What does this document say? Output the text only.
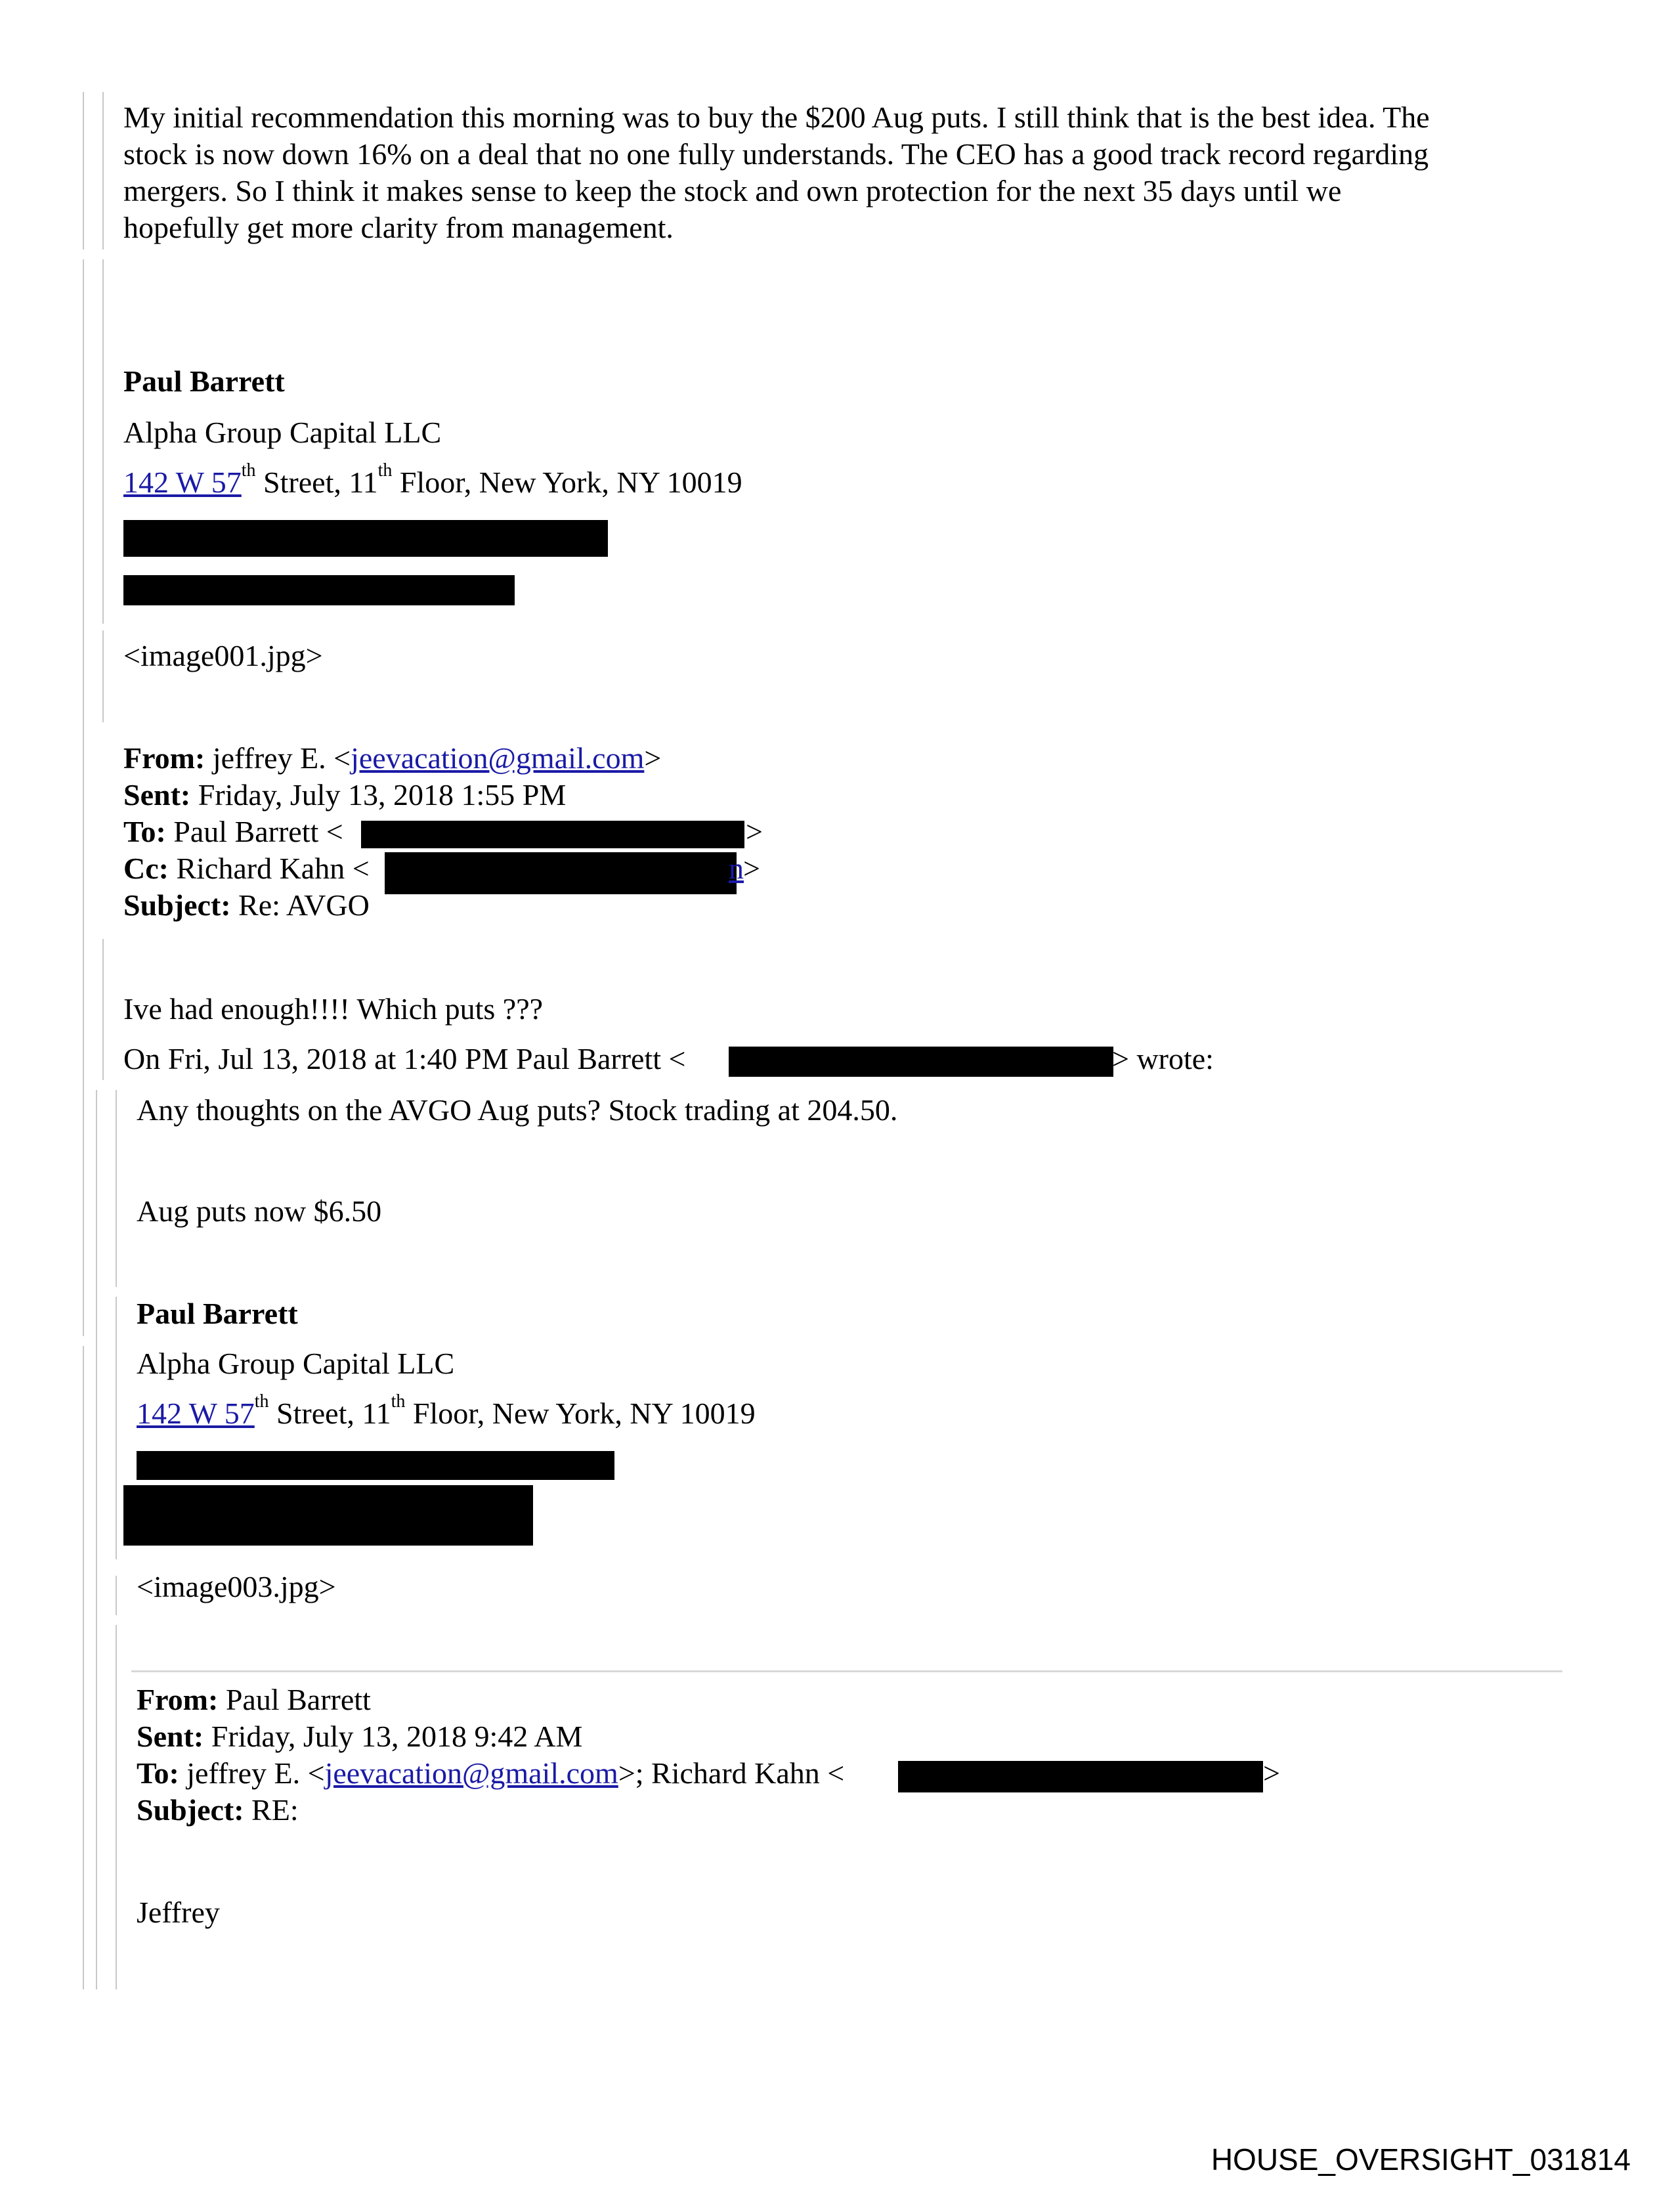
My initial recommendation this morning was to buy the $200 Aug puts. I still think that is the best idea. The
stock is now down 16% on a deal that no one fully understands. The CEO has a good track record regarding
mergers. So I think it makes sense to keep the stock and own protection for the next 35 days until we
hopefully get more clarity from management.
Paul Barrett
Alpha Group Capital LLC
142 W 57th Street, 11th Floor, New York, NY 10019
<image001.jpg>
From: jeffrey E. <jeevacation@gmail.com>
Sent: Friday, July 13, 2018 1:55 PM
To: Paul Barrett <	>
Cc: Richard Kahn <	n >
Subject: Re: AVGO
Ive had enough!!!! Which puts ???
On Fri, Jul 13, 2018 at 1:40 PM Paul Barrett <	> wrote:
Any thoughts on the AVGO Aug puts? Stock trading at 204.50.
Aug puts now $6.50
Paul Barrett
Alpha Group Capital LLC
142 W 57th Street, 11th Floor, New York, NY 10019
<image003.jpg>
From: Paul Barrett
Sent: Friday, July 13, 2018 9:42 AM
To: jeffrey E. <jeevacation@gmail.com>; Richard Kahn <	>
Subject: RE:
Jeffrey
HOUSE_OVERSIGHT_031814
